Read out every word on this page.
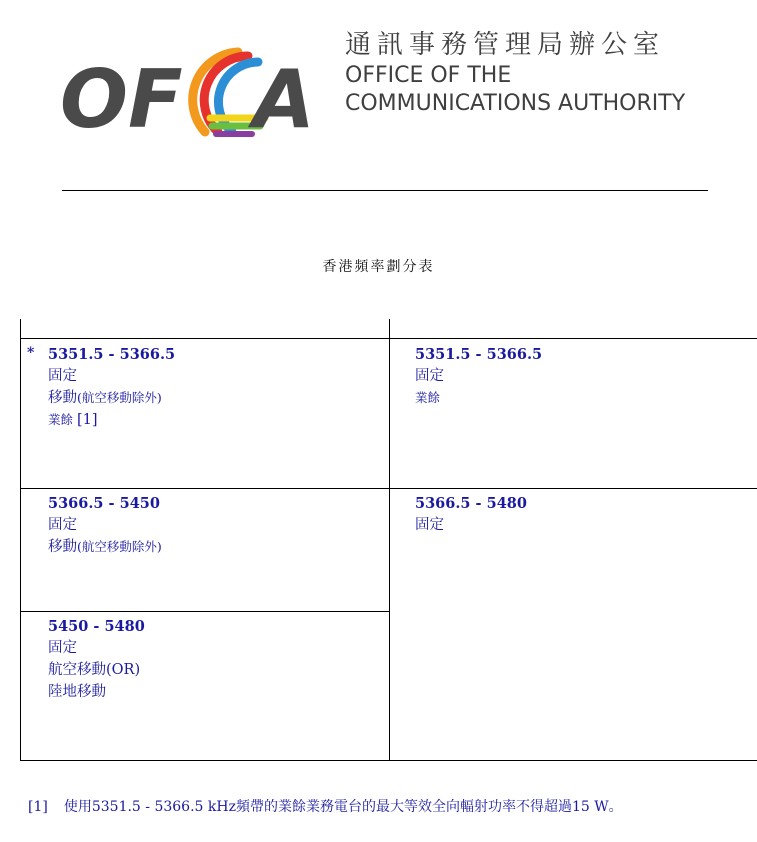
OF A
通訊事務管理局辦公室
OFFICE OF THE
COMMUNICATIONS AUTHORITY
香港頻率劃分表
* 5351.5 - 5366.5
固定
移動(航空移動除外)
業餘 [1]
5366.5 - 5450
固定
移動(航空移動除外)
5450 - 5480
固定
航空移動(OR)
陸地移動
5351.5 - 5366.5
固定
業餘
5366.5 - 5480
固定
[1] 使用5351.5 - 5366.5 kHz頻帶的業餘業務電台的最大等效全向輻射功率不得超過15 W。
